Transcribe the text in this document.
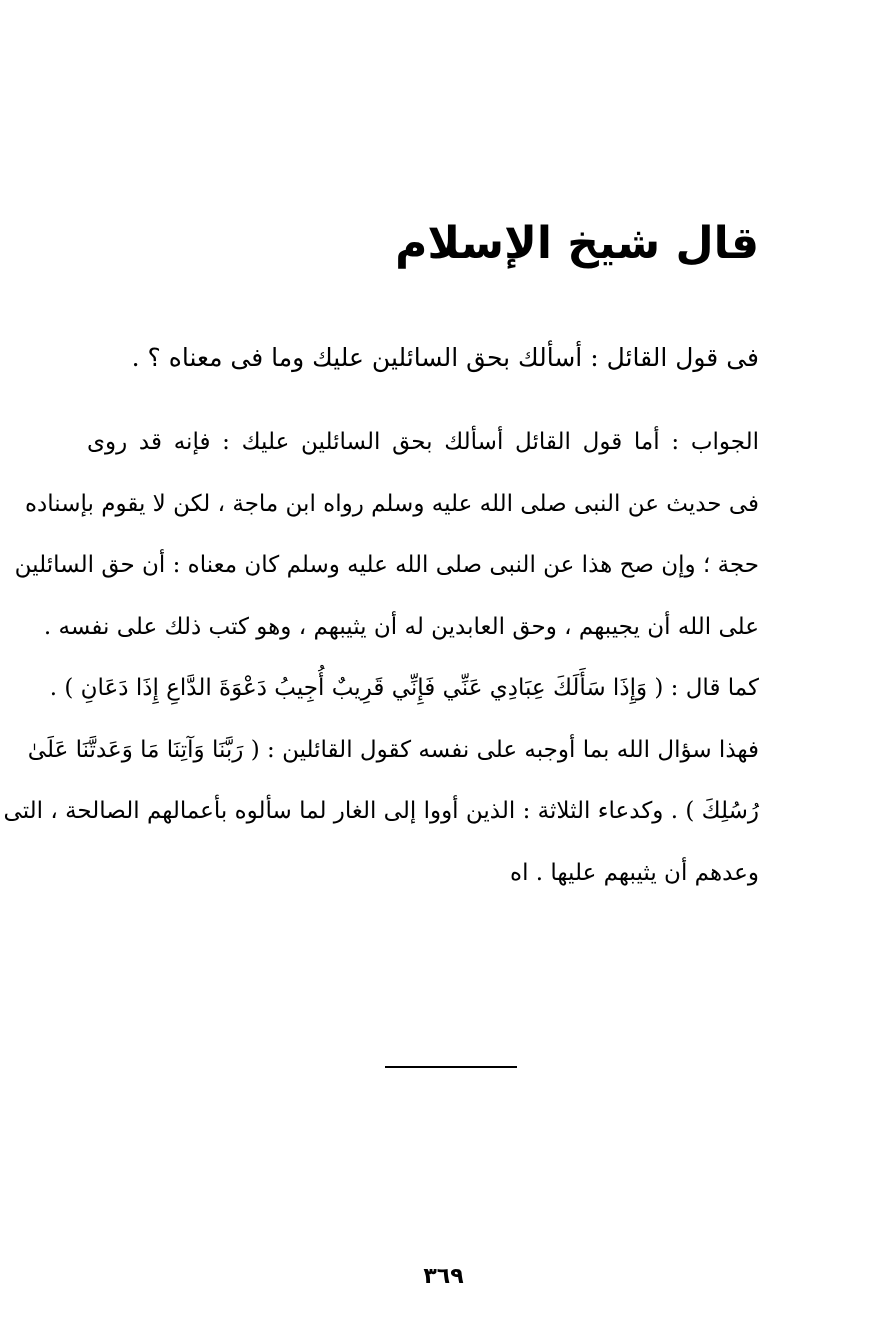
قال شيخ الإسلام
فى قول القائل : أسألك بحق السائلين عليك وما فى معناه ؟ .
الجواب : أما قول القائل أسألك بحق السائلين عليك : فإنه قد روى
فى حديث عن النبى صلى الله عليه وسلم رواه ابن ماجة ، لكن لا يقوم بإسناده
حجة ؛ وإن صح هذا عن النبى صلى الله عليه وسلم كان معناه : أن حق السائلين
على الله أن يجيبهم ، وحق العابدين له أن يثيبهم ، وهو كتب ذلك على نفسه .
كما قال : ( وَإِذَا سَأَلَكَ عِبَادِي عَنِّي فَإِنِّي قَرِيبٌ أُجِيبُ دَعْوَةَ الدَّاعِ إِذَا دَعَانِ ) .
فهذا سؤال الله بما أوجبه على نفسه كقول القائلين : ( رَبَّنَا وَآتِنَا مَا وَعَدتَّنَا عَلَىٰ
رُسُلِكَ ) . وكدعاء الثلاثة : الذين أووا إلى الغار لما سألوه بأعمالهم الصالحة ، التى
وعدهم أن يثيبهم عليها . اه
٣٦٩
